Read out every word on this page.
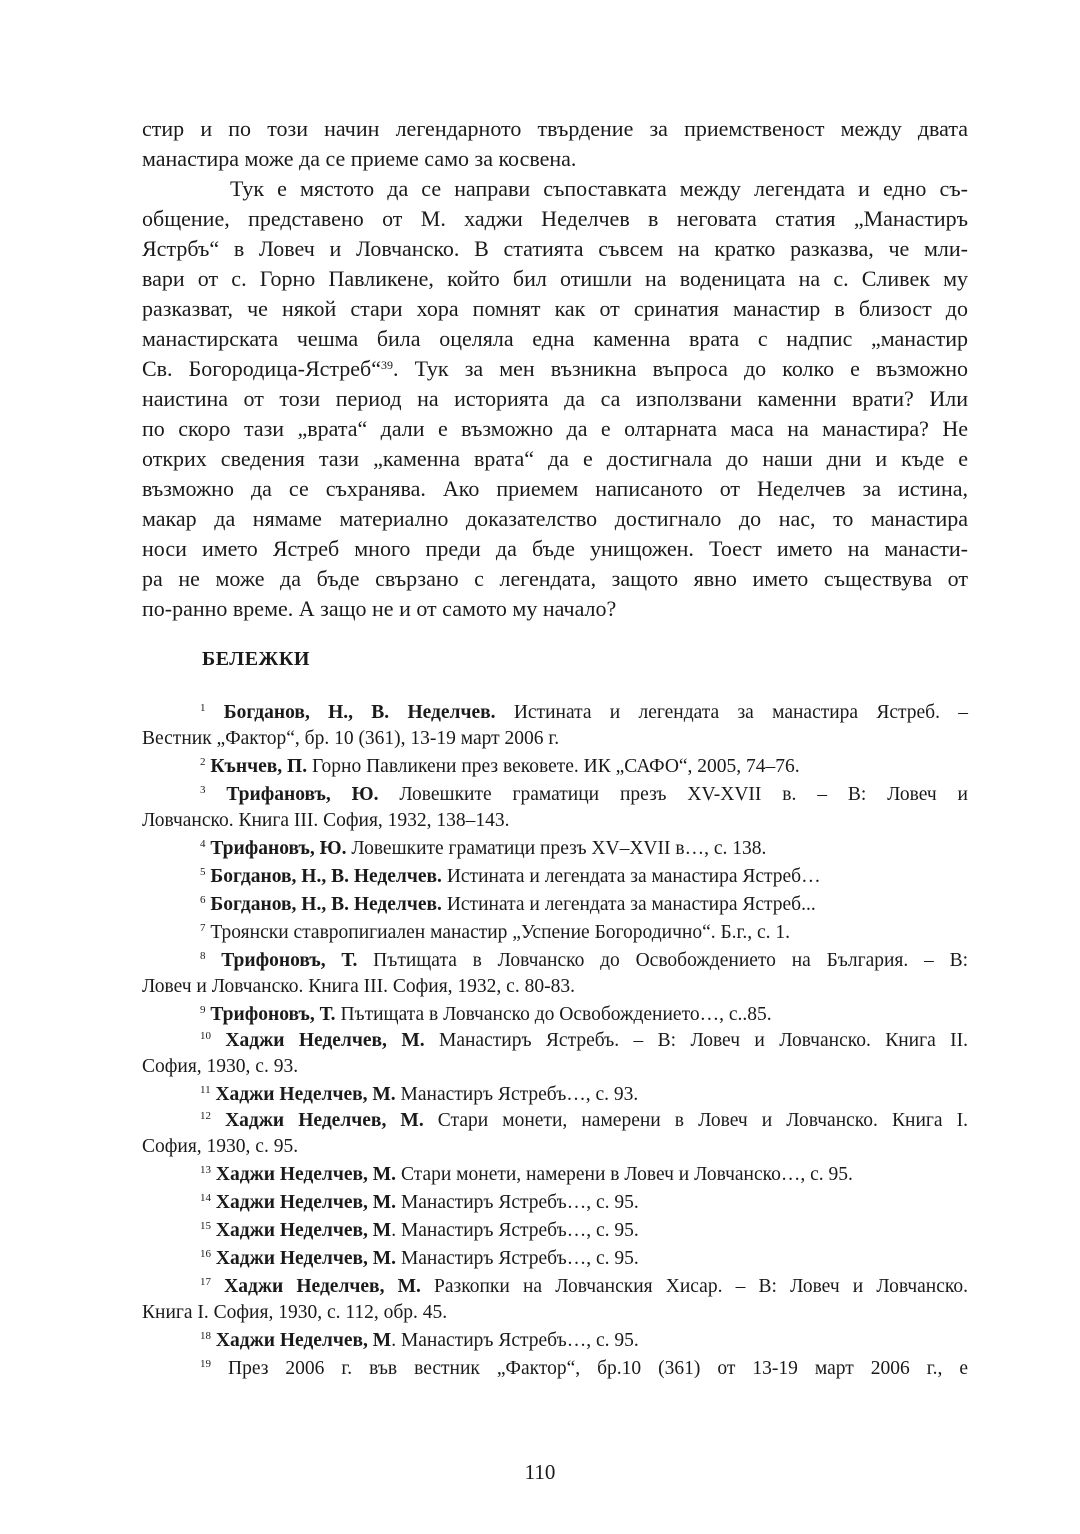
стир и по този начин легендарното твърдение за приемственост между двата
манастира може да се приеме само за косвена.
Тук е мястото да се направи съпоставката между легендата и едно съ-
общение, представено от М. хаджи Неделчев в неговата статия „Манастиръ
Ястрбъ“ в Ловеч и Ловчанско. В статията съвсем на кратко разказва, че мли-
вари от с. Горно Павликене, който бил отишли на воденицата на с. Сливек му
разказват, че някой стари хора помнят как от сринатия манастир в близост до
манастирската чешма била оцеляла една каменна врата с надпис „манастир
Св. Богородица-Ястреб“$^{39}$. Тук за мен възникна въпроса до колко е възможно
наистина от този период на историята да са използвани каменни врати? Или
по скоро тази „врата“ дали е възможно да е олтарната маса на манастира? Не
открих сведения тази „каменна врата“ да е достигнала до наши дни и къде е
възможно да се съхранява. Ако приемем написаното от Неделчев за истина,
макар да нямаме материално доказателство достигнало до нас, то манастира
носи името Ястреб много преди да бъде унищожен. Тоест името на манасти-
ра не може да бъде свързано с легендата, защото явно името съществува от
по-ранно време. А защо не и от самото му начало?
БЕЛЕЖКИ
$^1$ Богданов, Н., В. Неделчев. Истината и легендата за манастира Ястреб. –
Вестник „Фактор“, бр. 10 (361), 13-19 март 2006 г.
$^2$ Кънчев, П. Горно Павликени през вековете. ИК „САФО“, 2005, 74–76.
$^3$ Трифановъ, Ю. Ловешките граматици презъ XV-XVII в. – В: Ловеч и
Ловчанско. Книга III. София, 1932, 138–143.
$^4$ Трифановъ, Ю. Ловешките граматици презъ XV–XVII в…, с. 138.
$^5$ Богданов, Н., В. Неделчев. Истината и легендата за манастира Ястреб…
$^6$ Богданов, Н., В. Неделчев. Истината и легендата за манастира Ястреб...
$^7$ Троянски ставропигиален манастир „Успение Богородично“. Б.г., с. 1.
$^8$ Трифоновъ, Т. Пътищата в Ловчанско до Освобождението на България. – В:
Ловеч и Ловчанско. Книга III. София, 1932, с. 80-83.
$^9$ Трифоновъ, Т. Пътищата в Ловчанско до Освобождението…, с..85.
$^{10}$ Хаджи Неделчев, М. Манастиръ Ястребъ. – В: Ловеч и Ловчанско. Книга II.
София, 1930, с. 93.
$^{11}$ Хаджи Неделчев, М. Манастиръ Ястребъ…, с. 93.
$^{12}$ Хаджи Неделчев, М. Стари монети, намерени в Ловеч и Ловчанско. Книга I.
София, 1930, с. 95.
$^{13}$ Хаджи Неделчев, М. Стари монети, намерени в Ловеч и Ловчанско…, с. 95.
$^{14}$ Хаджи Неделчев, М. Манастиръ Ястребъ…, с. 95.
$^{15}$ Хаджи Неделчев, М. Манастиръ Ястребъ…, с. 95.
$^{16}$ Хаджи Неделчев, М. Манастиръ Ястребъ…, с. 95.
$^{17}$ Хаджи Неделчев, М. Разкопки на Ловчанския Хисар. – В: Ловеч и Ловчанско.
Книга I. София, 1930, с. 112, обр. 45.
$^{18}$ Хаджи Неделчев, М. Манастиръ Ястребъ…, с. 95.
$^{19}$ През 2006 г. във вестник „Фактор“, бр.10 (361) от 13-19 март 2006 г., е
110
